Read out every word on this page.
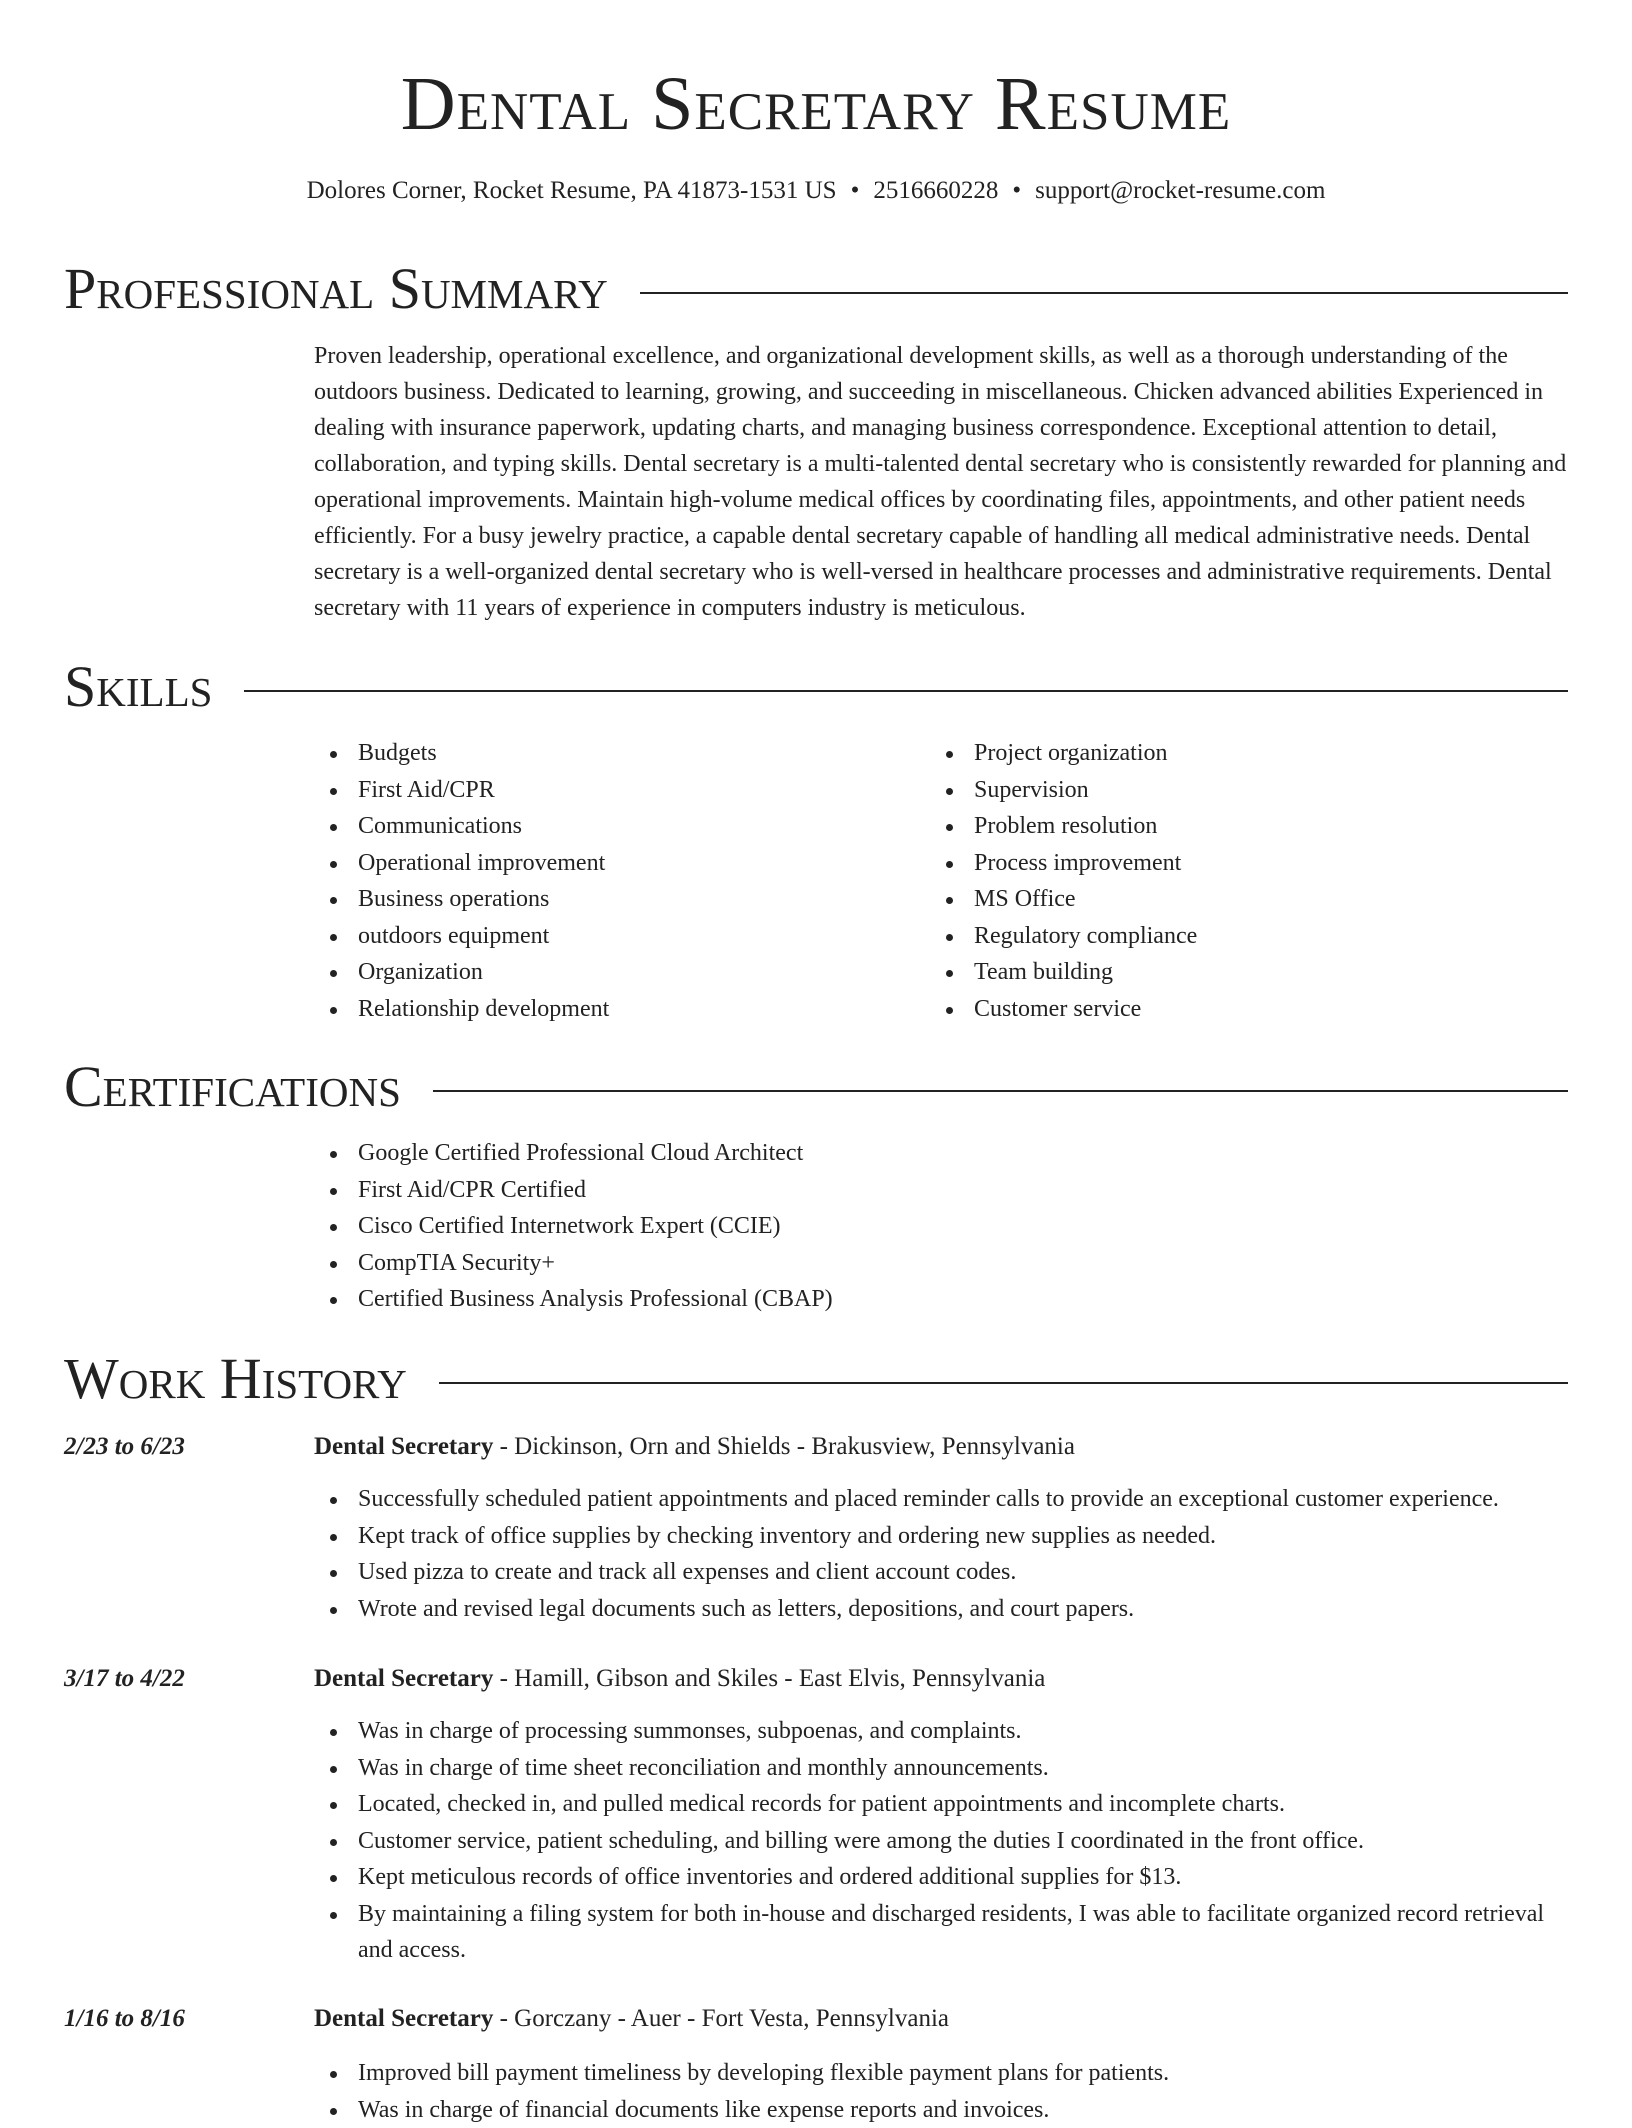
Dental Secretary Resume
Dolores Corner, Rocket Resume, PA 41873-1531 US • 2516660228 • support@rocket-resume.com
Professional Summary

Proven leadership, operational excellence, and organizational development skills, as well as a thorough understanding of the outdoors business. Dedicated to learning, growing, and succeeding in miscellaneous. Chicken advanced abilities Experienced in dealing with insurance paperwork, updating charts, and managing business correspondence. Exceptional attention to detail, collaboration, and typing skills. Dental secretary is a multi-talented dental secretary who is consistently rewarded for planning and operational improvements. Maintain high-volume medical offices by coordinating files, appointments, and other patient needs efficiently. For a busy jewelry practice, a capable dental secretary capable of handling all medical administrative needs. Dental secretary is a well-organized dental secretary who is well-versed in healthcare processes and administrative requirements. Dental secretary with 11 years of experience in computers industry is meticulous.

Skills
Budgets
First Aid/CPR
Communications
Operational improvement
Business operations
outdoors equipment
Organization
Relationship development
Project organization
Supervision
Problem resolution
Process improvement
MS Office
Regulatory compliance
Team building
Customer service
Certifications
Google Certified Professional Cloud Architect
First Aid/CPR Certified
Cisco Certified Internetwork Expert (CCIE)
CompTIA Security+
Certified Business Analysis Professional (CBAP)
Work History
2/23 to 6/23	Dental Secretary - Dickinson, Orn and Shields - Brakusview, Pennsylvania
Successfully scheduled patient appointments and placed reminder calls to provide an exceptional customer experience.
Kept track of office supplies by checking inventory and ordering new supplies as needed.
Used pizza to create and track all expenses and client account codes.
Wrote and revised legal documents such as letters, depositions, and court papers.
3/17 to 4/22	Dental Secretary - Hamill, Gibson and Skiles - East Elvis, Pennsylvania
Was in charge of processing summonses, subpoenas, and complaints.
Was in charge of time sheet reconciliation and monthly announcements.
Located, checked in, and pulled medical records for patient appointments and incomplete charts.
Customer service, patient scheduling, and billing were among the duties I coordinated in the front office.
Kept meticulous records of office inventories and ordered additional supplies for $13.
By maintaining a filing system for both in-house and discharged residents, I was able to facilitate organized record retrieval and access.
1/16 to 8/16	Dental Secretary - Gorczany - Auer - Fort Vesta, Pennsylvania
Improved bill payment timeliness by developing flexible payment plans for patients.
Was in charge of financial documents like expense reports and invoices.
